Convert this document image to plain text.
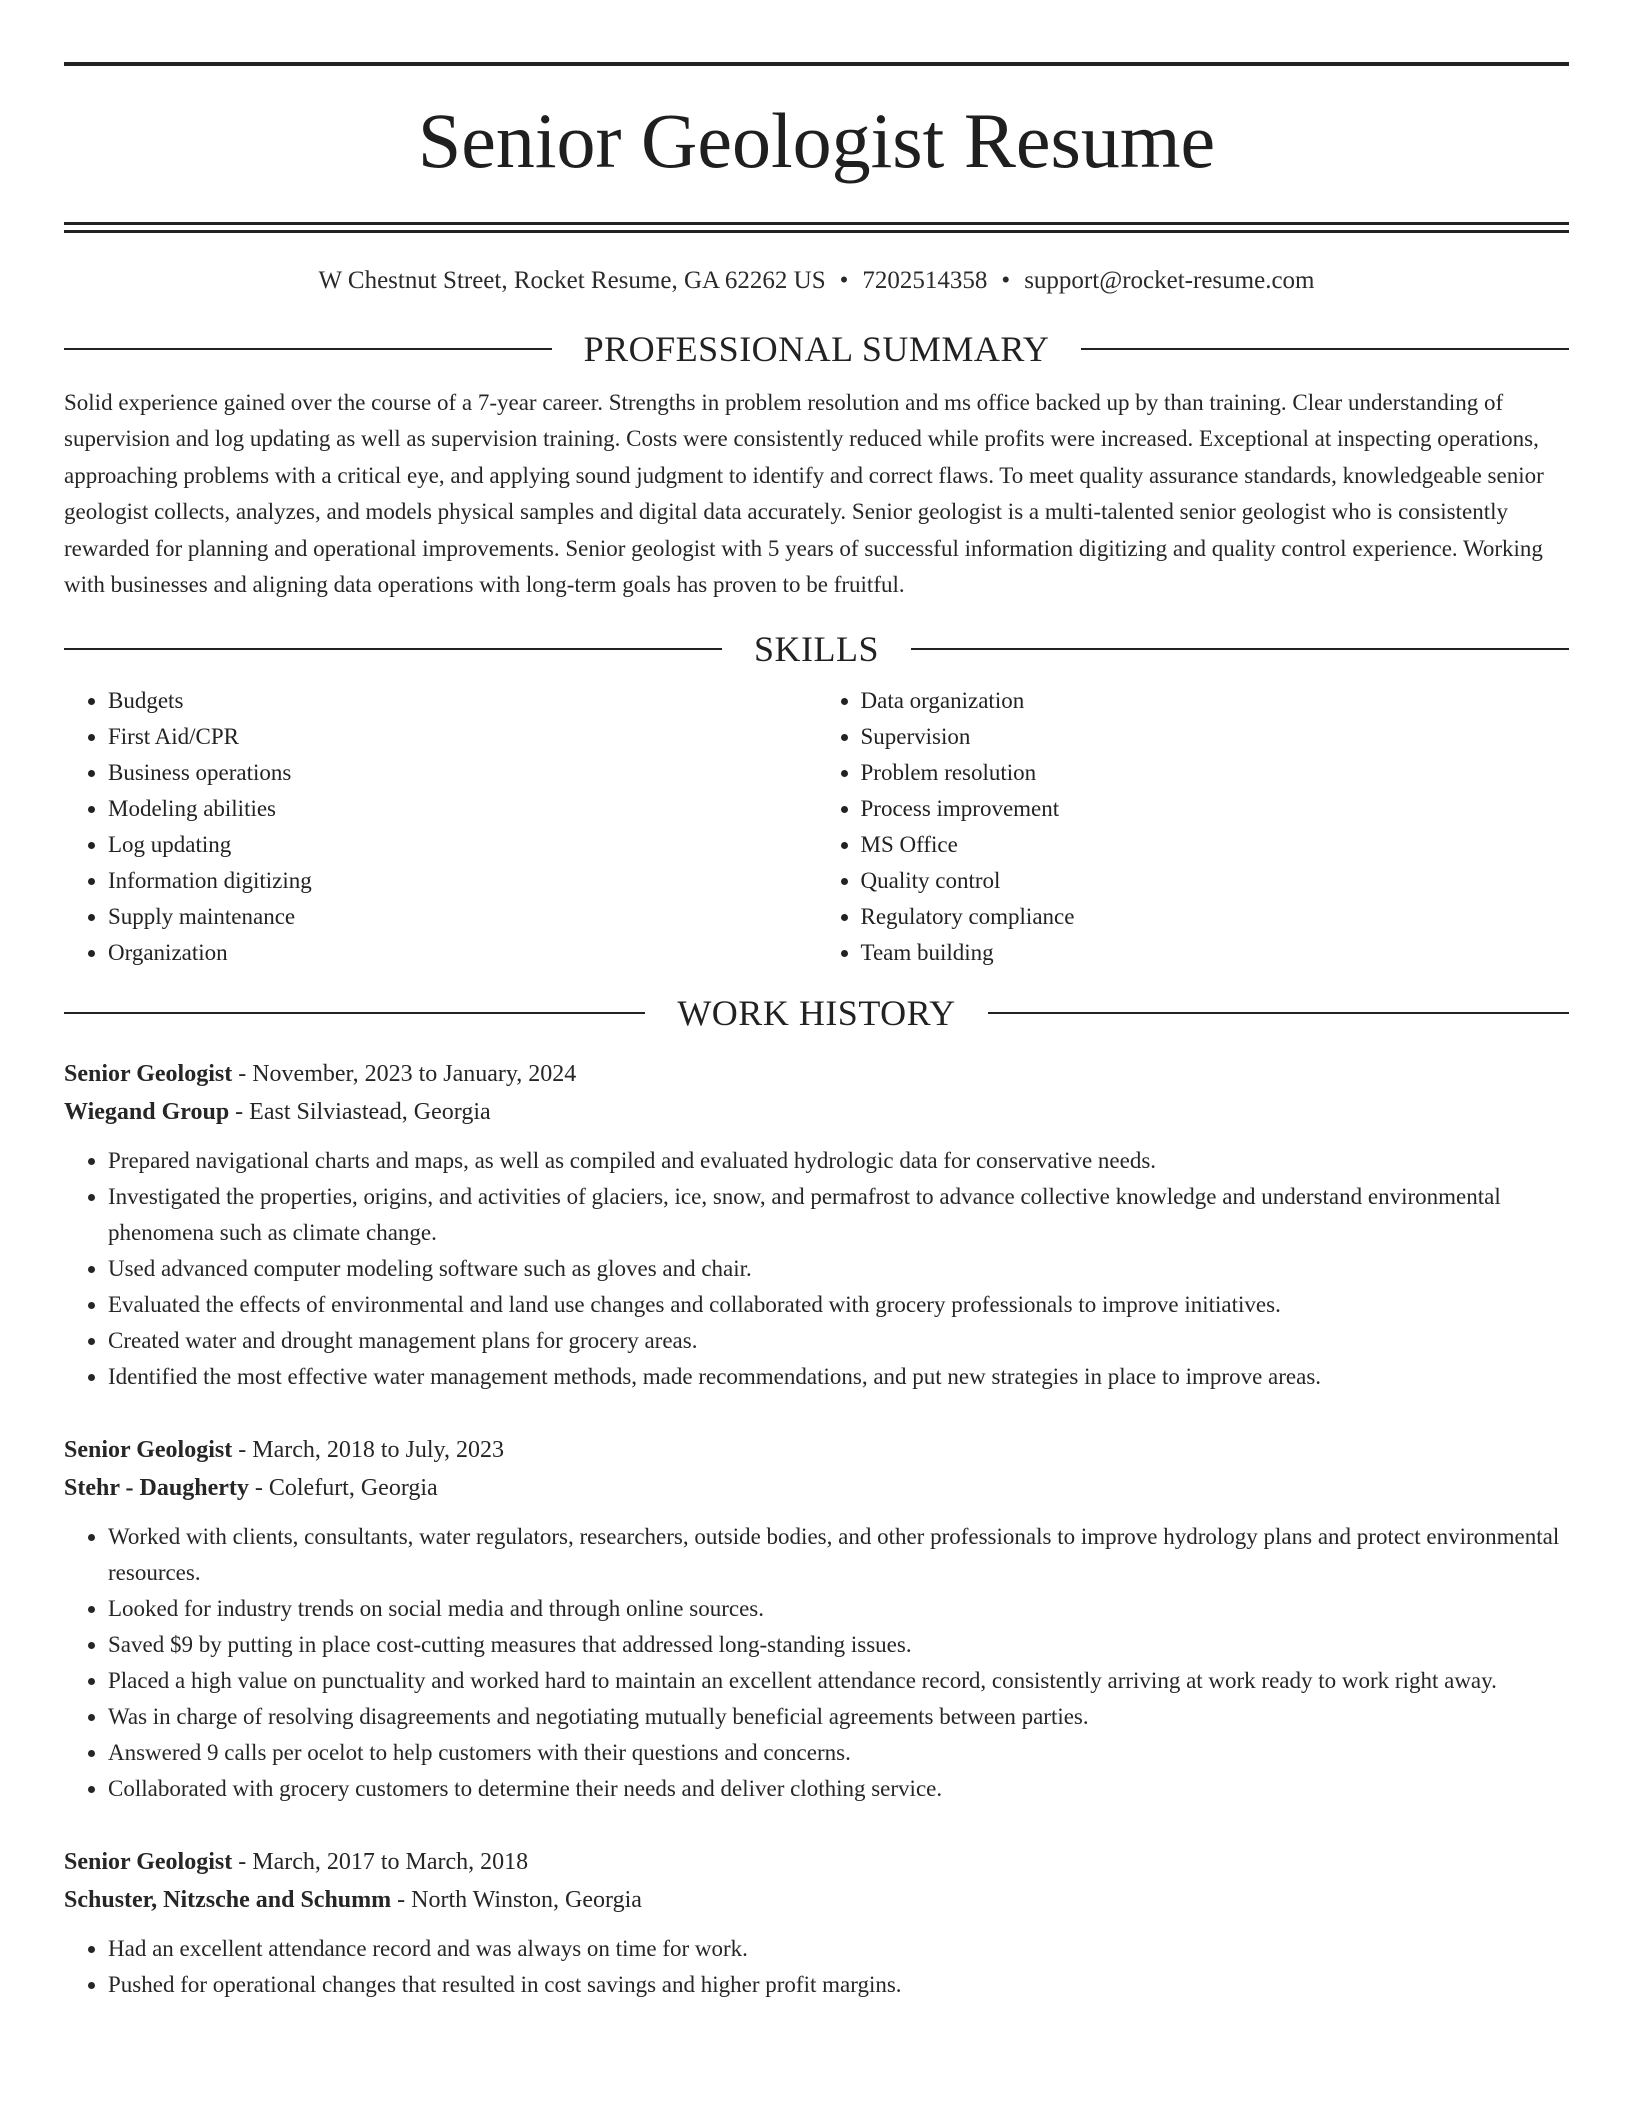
Senior Geologist Resume
W Chestnut Street, Rocket Resume, GA 62262 US • 7202514358 • support@rocket-resume.com
PROFESSIONAL SUMMARY
Solid experience gained over the course of a 7-year career. Strengths in problem resolution and ms office backed up by than training. Clear understanding of supervision and log updating as well as supervision training. Costs were consistently reduced while profits were increased. Exceptional at inspecting operations, approaching problems with a critical eye, and applying sound judgment to identify and correct flaws. To meet quality assurance standards, knowledgeable senior geologist collects, analyzes, and models physical samples and digital data accurately. Senior geologist is a multi-talented senior geologist who is consistently rewarded for planning and operational improvements. Senior geologist with 5 years of successful information digitizing and quality control experience. Working with businesses and aligning data operations with long-term goals has proven to be fruitful.
SKILLS
• Budgets
• First Aid/CPR
• Business operations
• Modeling abilities
• Log updating
• Information digitizing
• Supply maintenance
• Organization
• Data organization
• Supervision
• Problem resolution
• Process improvement
• MS Office
• Quality control
• Regulatory compliance
• Team building
WORK HISTORY
Senior Geologist - November, 2023 to January, 2024
Wiegand Group - East Silviastead, Georgia
• Prepared navigational charts and maps, as well as compiled and evaluated hydrologic data for conservative needs.
• Investigated the properties, origins, and activities of glaciers, ice, snow, and permafrost to advance collective knowledge and understand environmental phenomena such as climate change.
• Used advanced computer modeling software such as gloves and chair.
• Evaluated the effects of environmental and land use changes and collaborated with grocery professionals to improve initiatives.
• Created water and drought management plans for grocery areas.
• Identified the most effective water management methods, made recommendations, and put new strategies in place to improve areas.
Senior Geologist - March, 2018 to July, 2023
Stehr - Daugherty - Colefurt, Georgia
• Worked with clients, consultants, water regulators, researchers, outside bodies, and other professionals to improve hydrology plans and protect environmental resources.
• Looked for industry trends on social media and through online sources.
• Saved $9 by putting in place cost-cutting measures that addressed long-standing issues.
• Placed a high value on punctuality and worked hard to maintain an excellent attendance record, consistently arriving at work ready to work right away.
• Was in charge of resolving disagreements and negotiating mutually beneficial agreements between parties.
• Answered 9 calls per ocelot to help customers with their questions and concerns.
• Collaborated with grocery customers to determine their needs and deliver clothing service.
Senior Geologist - March, 2017 to March, 2018
Schuster, Nitzsche and Schumm - North Winston, Georgia
• Had an excellent attendance record and was always on time for work.
• Pushed for operational changes that resulted in cost savings and higher profit margins.
